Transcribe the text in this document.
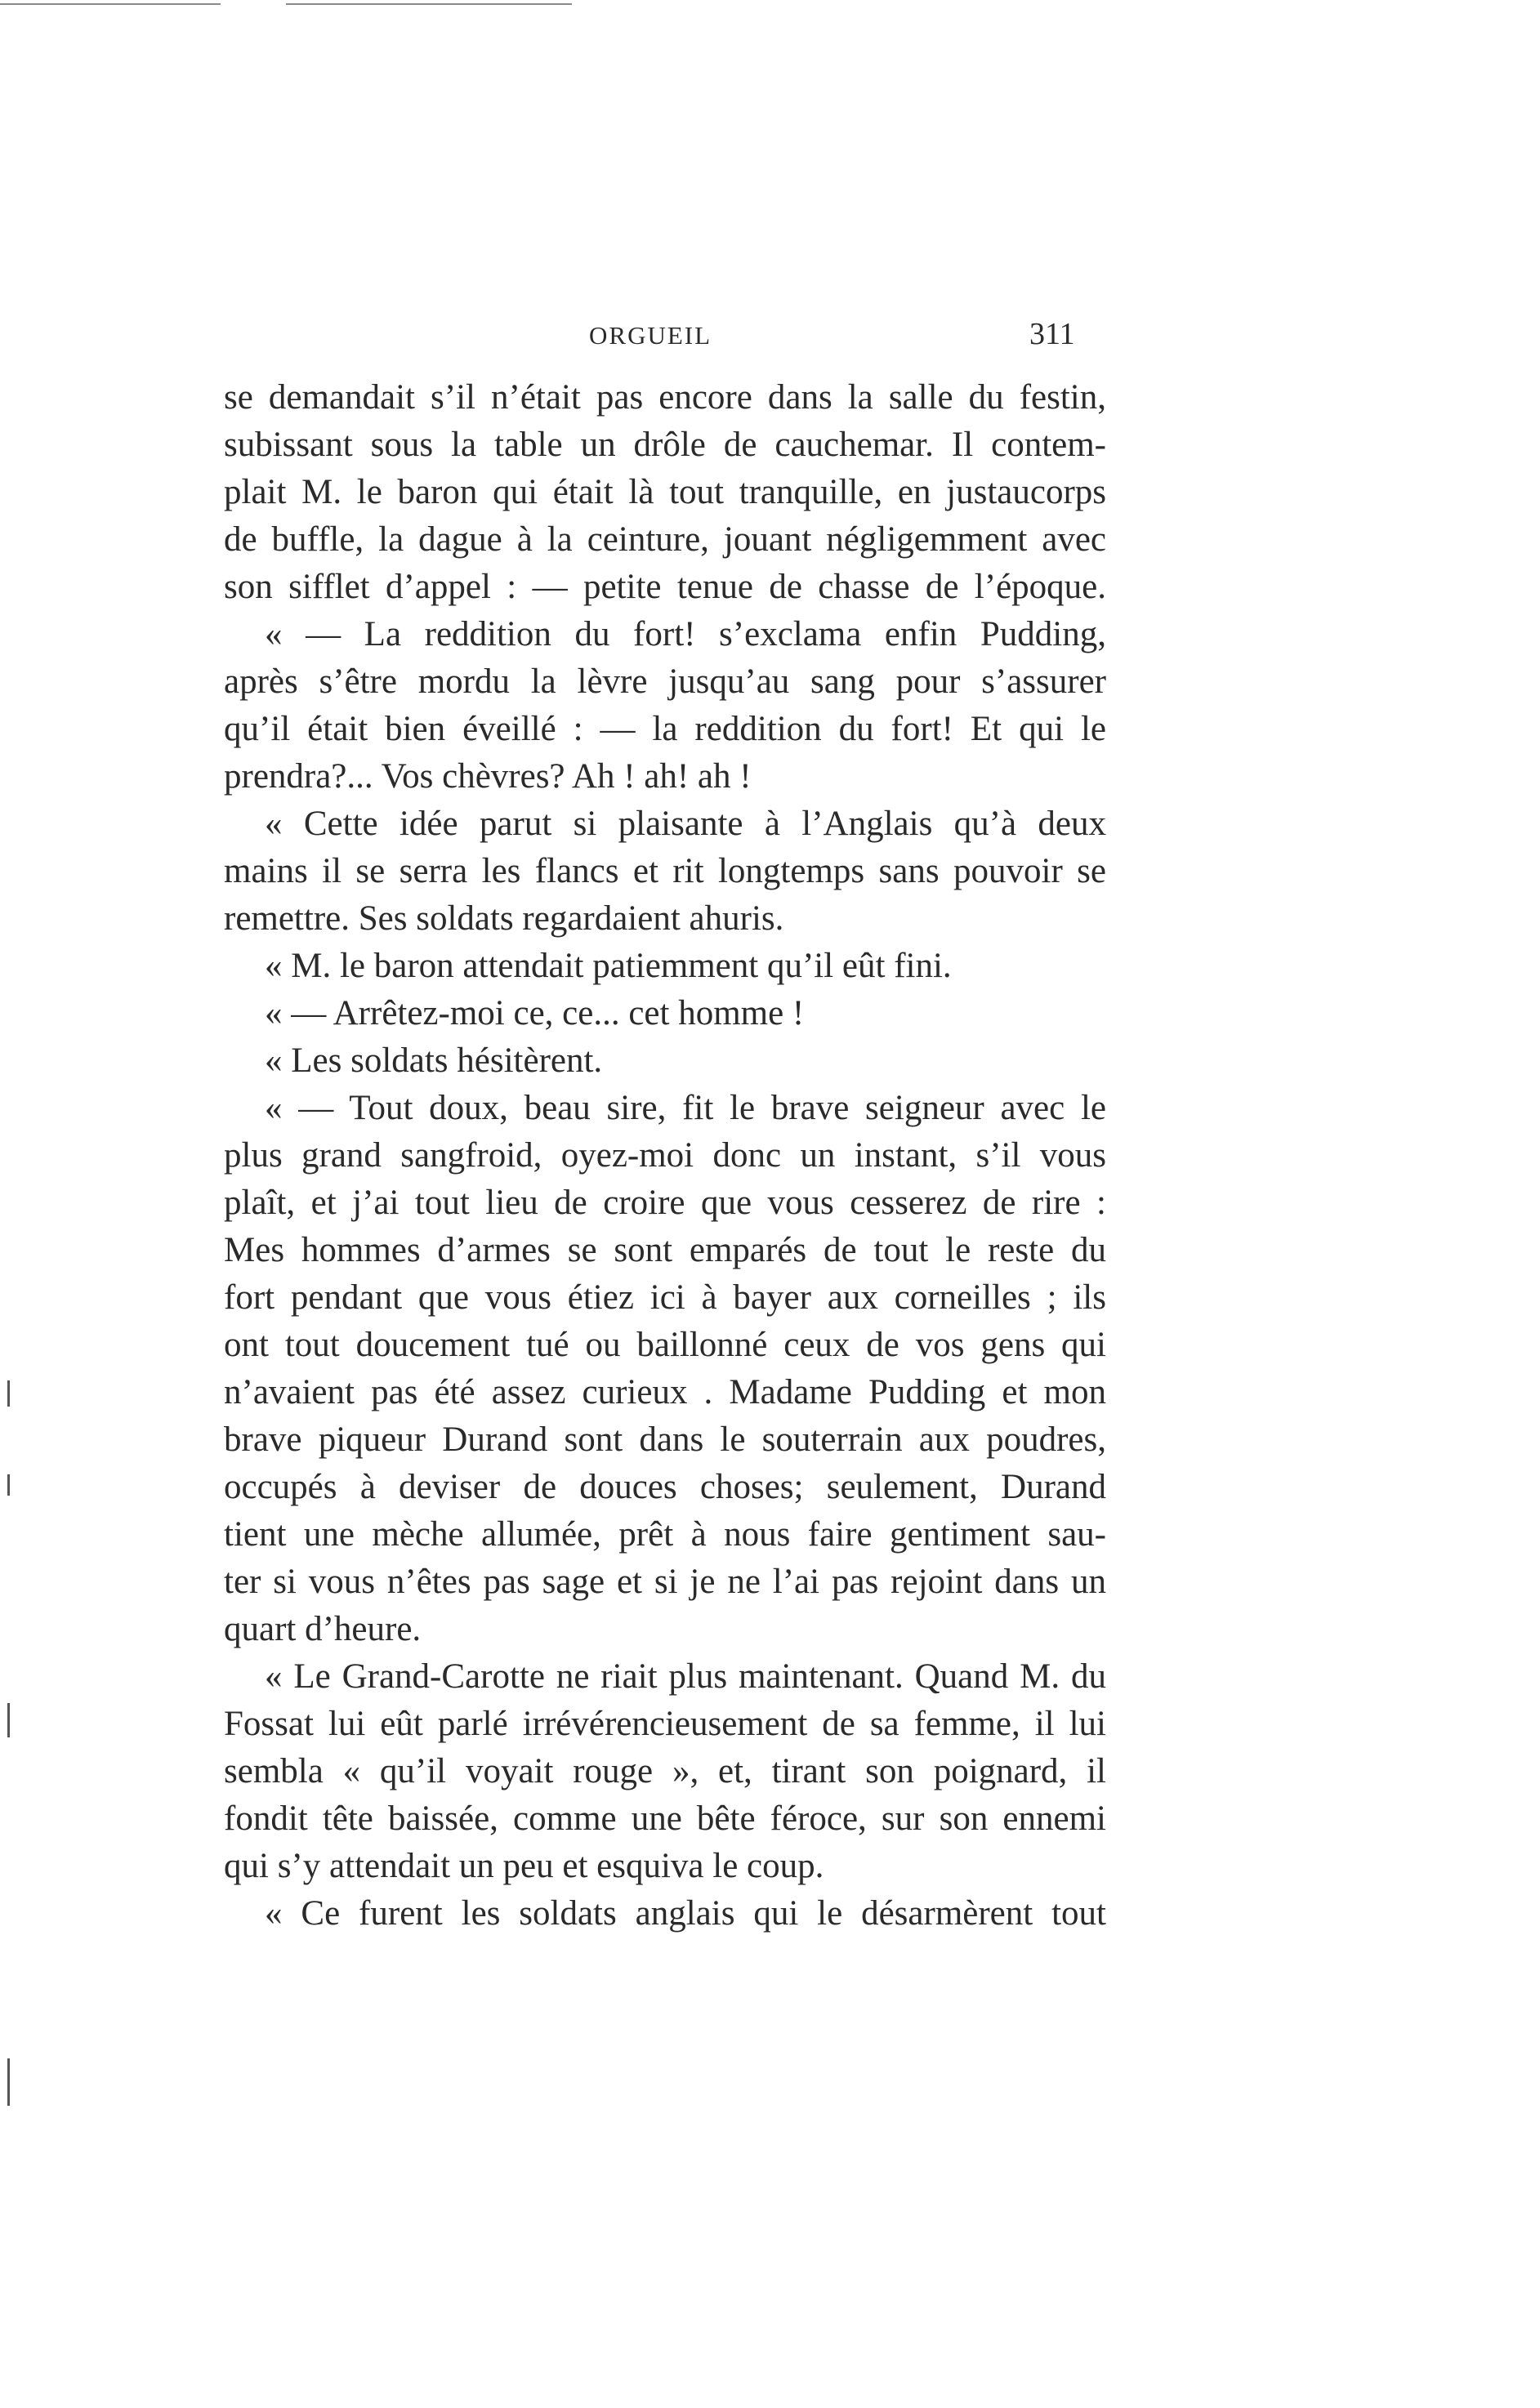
ORGUEIL	311
se demandait s’il n’était pas encore dans la salle du festin,
subissant sous la table un drôle de cauchemar. Il contem-
plait M. le baron qui était là tout tranquille, en justaucorps
de buffle, la dague à la ceinture, jouant négligemment avec
son sifflet d’appel : — petite tenue de chasse de l’époque.
« — La reddition du fort! s’exclama enfin Pudding,
après s’être mordu la lèvre jusqu’au sang pour s’assurer
qu’il était bien éveillé : — la reddition du fort! Et qui le
prendra?... Vos chèvres? Ah ! ah! ah !
« Cette idée parut si plaisante à l’Anglais qu’à deux
mains il se serra les flancs et rit longtemps sans pouvoir se
remettre. Ses soldats regardaient ahuris.
« M. le baron attendait patiemment qu’il eût fini.
« — Arrêtez-moi ce, ce... cet homme !
« Les soldats hésitèrent.
« — Tout doux, beau sire, fit le brave seigneur avec le
plus grand sangfroid, oyez-moi donc un instant, s’il vous
plaît, et j’ai tout lieu de croire que vous cesserez de rire :
Mes hommes d’armes se sont emparés de tout le reste du
fort pendant que vous étiez ici à bayer aux corneilles ; ils
ont tout doucement tué ou baillonné ceux de vos gens qui
n’avaient pas été assez curieux . Madame Pudding et mon
brave piqueur Durand sont dans le souterrain aux poudres,
occupés à deviser de douces choses; seulement, Durand
tient une mèche allumée, prêt à nous faire gentiment sau-
ter si vous n’êtes pas sage et si je ne l’ai pas rejoint dans un
quart d’heure.
« Le Grand-Carotte ne riait plus maintenant. Quand M. du
Fossat lui eût parlé irrévérencieusement de sa femme, il lui
sembla « qu’il voyait rouge », et, tirant son poignard, il
fondit tête baissée, comme une bête féroce, sur son ennemi
qui s’y attendait un peu et esquiva le coup.
« Ce furent les soldats anglais qui le désarmèrent tout
